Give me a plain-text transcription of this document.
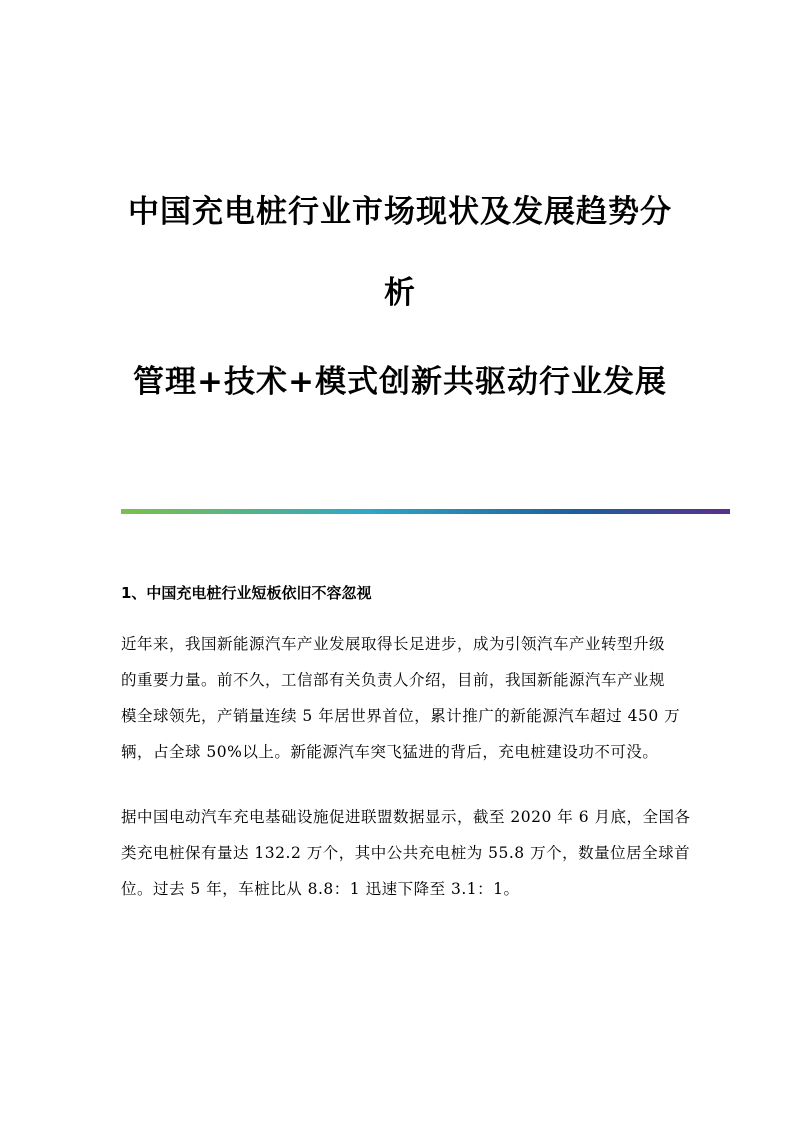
中国充电桩行业市场现状及发展趋势分
析
管理+技术+模式创新共驱动行业发展
1、中国充电桩行业短板依旧不容忽视
近年来，我国新能源汽车产业发展取得长足进步，成为引领汽车产业转型升级
的重要力量。前不久，工信部有关负责人介绍，目前，我国新能源汽车产业规
模全球领先，产销量连续 5 年居世界首位，累计推广的新能源汽车超过 450 万
辆，占全球 50%以上。新能源汽车突飞猛进的背后，充电桩建设功不可没。
据中国电动汽车充电基础设施促进联盟数据显示，截至 2020 年 6 月底，全国各
类充电桩保有量达 132.2 万个，其中公共充电桩为 55.8 万个，数量位居全球首
位。过去 5 年，车桩比从 8.8：1 迅速下降至 3.1：1。
